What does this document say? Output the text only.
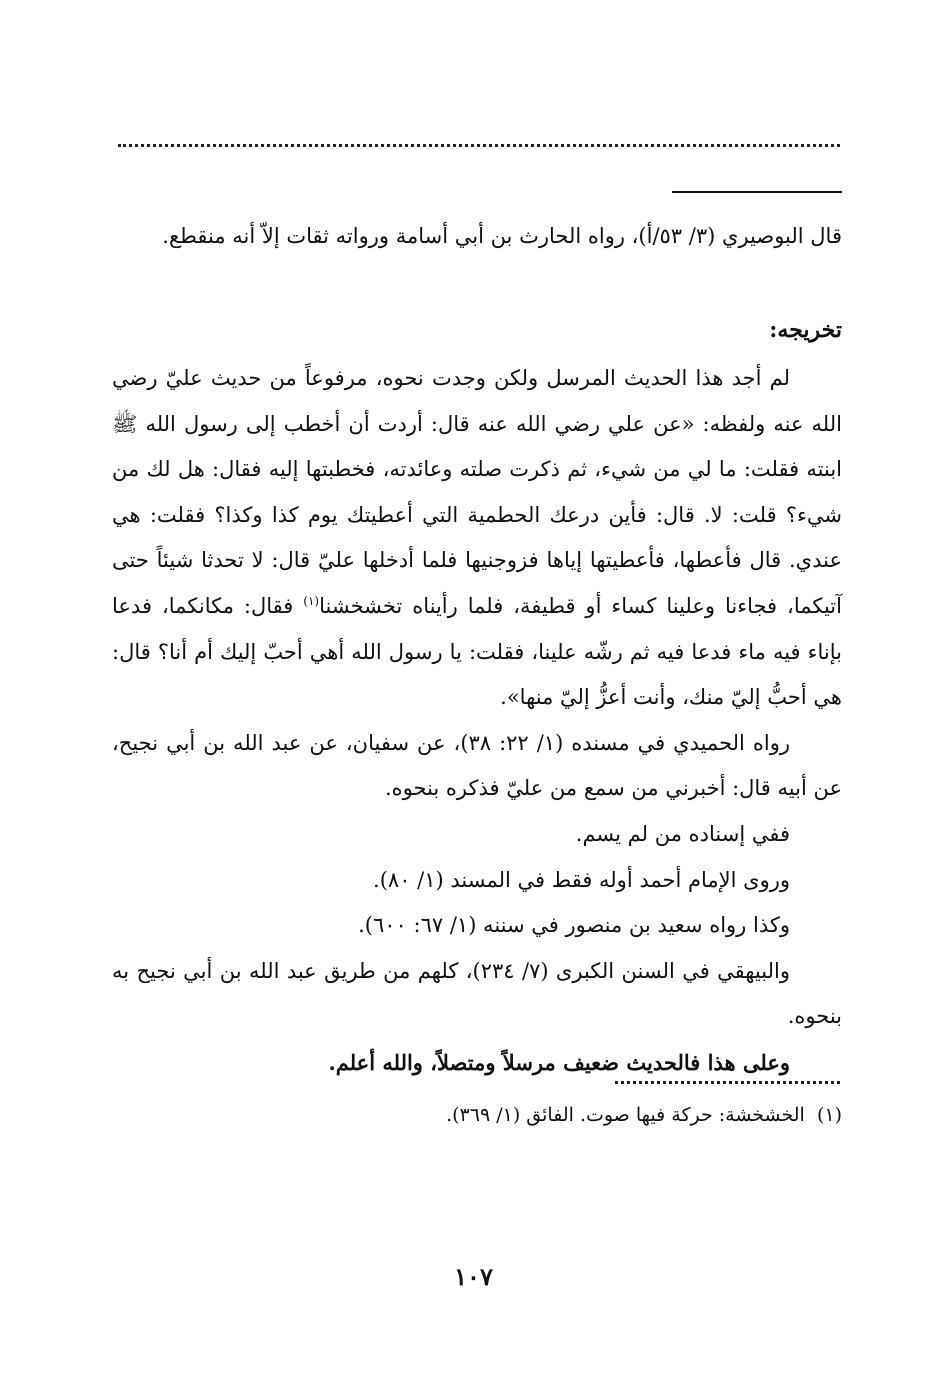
قال البوصيري (٣/ ٥٣/أ)، رواه الحارث بن أبي أسامة ورواته ثقات إلاّ أنه منقطع.

تخريجه:

لم أجد هذا الحديث المرسل ولكن وجدت نحوه، مرفوعاً من حديث عليّ رضي الله عنه ولفظه: «عن علي رضي الله عنه قال: أردت أن أخطب إلى رسول الله ﷺ ابنته فقلت: ما لي من شيء، ثم ذكرت صلته وعائدته، فخطبتها إليه فقال: هل لك من شيء؟ قلت: لا. قال: فأين درعك الحطمية التي أعطيتك يوم كذا وكذا؟ فقلت: هي عندي. قال فأعطها، فأعطيتها إياها فزوجنيها فلما أدخلها عليّ قال: لا تحدثا شيئاً حتى آتيكما، فجاءنا وعلينا كساء أو قطيفة، فلما رأيناه تخشخشنا$^{(١)}$ فقال: مكانكما، فدعا بإناء فيه ماء فدعا فيه ثم رشّه علينا، فقلت: يا رسول الله أهي أحبّ إليك أم أنا؟ قال: هي أحبُّ إليّ منك، وأنت أعزُّ إليّ منها».

رواه الحميدي في مسنده (١/ ٢٢: ٣٨)، عن سفيان، عن عبد الله بن أبي نجيح، عن أبيه قال: أخبرني من سمع من عليّ فذكره بنحوه.

ففي إسناده من لم يسم.

وروى الإمام أحمد أوله فقط في المسند (١/ ٨٠).

وكذا رواه سعيد بن منصور في سننه (١/ ٦٧: ٦٠٠).

والبيهقي في السنن الكبرى (٧/ ٢٣٤)، كلهم من طريق عبد الله بن أبي نجيح به بنحوه.

وعلى هذا فالحديث ضعيف مرسلاً ومتصلاً، والله أعلم.

(١)  الخشخشة: حركة فيها صوت. الفائق (١/ ٣٦٩).

١٠٧
